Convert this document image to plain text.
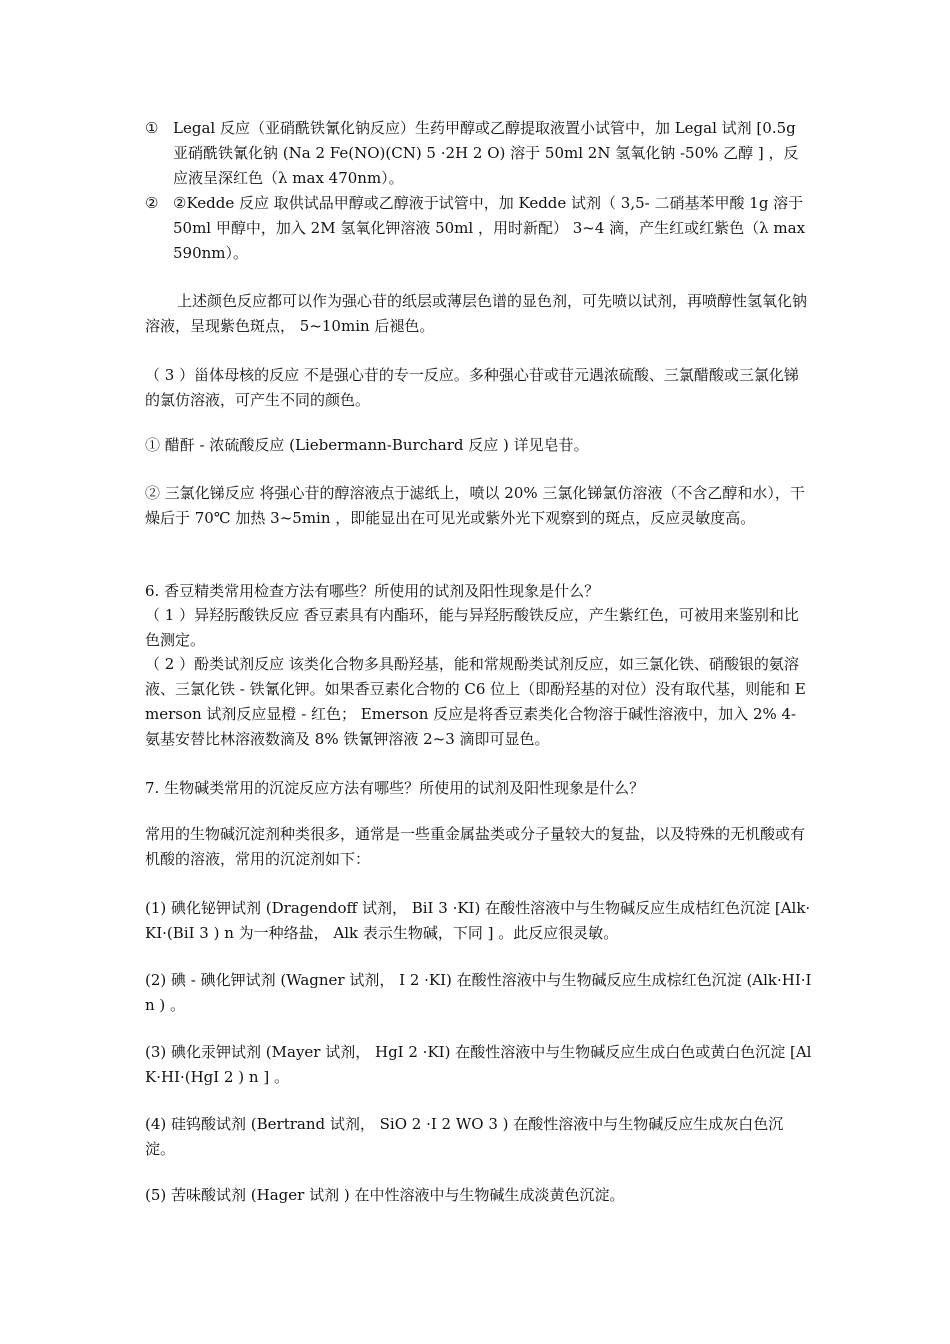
① Legal 反应（亚硝酰铁氰化钠反应）生药甲醇或乙醇提取液置小试管中，加 Legal 试剂 [0.5g 亚硝酰铁氰化钠 (Na 2 Fe(NO)(CN) 5 ·2H 2 O) 溶于 50ml 2N 氢氧化钠 -50% 乙醇 ] ，反应液呈深红色（λ max 470nm）。
② ②Kedde 反应 取供试品甲醇或乙醇液于试管中，加 Kedde 试剂（ 3,5- 二硝基苯甲酸 1g 溶于 50ml 甲醇中，加入 2M 氢氧化钾溶液 50ml ，用时新配） 3~4 滴，产生红或红紫色（λ max 590nm）。

上述颜色反应都可以作为强心苷的纸层或薄层色谱的显色剂，可先喷以试剂，再喷醇性氢氧化钠溶液，呈现紫色斑点， 5~10min 后褪色。

（ 3 ）甾体母核的反应 不是强心苷的专一反应。多种强心苷或苷元遇浓硫酸、三氯醋酸或三氯化锑的氯仿溶液，可产生不同的颜色。

① 醋酐 - 浓硫酸反应 (Liebermann-Burchard 反应 ) 详见皂苷。

② 三氯化锑反应 将强心苷的醇溶液点于滤纸上，喷以 20% 三氯化锑氯仿溶液（不含乙醇和水），干燥后于 70℃ 加热 3~5min ，即能显出在可见光或紫外光下观察到的斑点，反应灵敏度高。

6. 香豆精类常用检查方法有哪些？所使用的试剂及阳性现象是什么？

（ 1 ）异羟肟酸铁反应 香豆素具有内酯环，能与异羟肟酸铁反应，产生紫红色，可被用来鉴别和比色测定。

（ 2 ）酚类试剂反应 该类化合物多具酚羟基，能和常规酚类试剂反应，如三氯化铁、硝酸银的氨溶液、三氯化铁 - 铁氰化钾。如果香豆素化合物的 C6 位上（即酚羟基的对位）没有取代基，则能和 Emerson 试剂反应显橙 - 红色； Emerson 反应是将香豆素类化合物溶于碱性溶液中，加入 2% 4- 氨基安替比林溶液数滴及 8% 铁氰钾溶液 2~3 滴即可显色。

7. 生物碱类常用的沉淀反应方法有哪些？所使用的试剂及阳性现象是什么？

常用的生物碱沉淀剂种类很多，通常是一些重金属盐类或分子量较大的复盐，以及特殊的无机酸或有机酸的溶液，常用的沉淀剂如下：

(1) 碘化铋钾试剂 (Dragendoff 试剂， BiI 3 ·KI) 在酸性溶液中与生物碱反应生成桔红色沉淀 [Alk·KI·(BiI 3 ) n 为一种络盐， Alk 表示生物碱，下同 ] 。此反应很灵敏。

(2) 碘 - 碘化钾试剂 (Wagner 试剂， I 2 ·KI) 在酸性溶液中与生物碱反应生成棕红色沉淀 (Alk·HI·I n ) 。

(3) 碘化汞钾试剂 (Mayer 试剂， HgI 2 ·KI) 在酸性溶液中与生物碱反应生成白色或黄白色沉淀 [AlK·HI·(HgI 2 ) n ] 。

(4) 硅钨酸试剂 (Bertrand 试剂， SiO 2 ·I 2 WO 3 ) 在酸性溶液中与生物碱反应生成灰白色沉淀。

(5) 苦味酸试剂 (Hager 试剂 ) 在中性溶液中与生物碱生成淡黄色沉淀。
